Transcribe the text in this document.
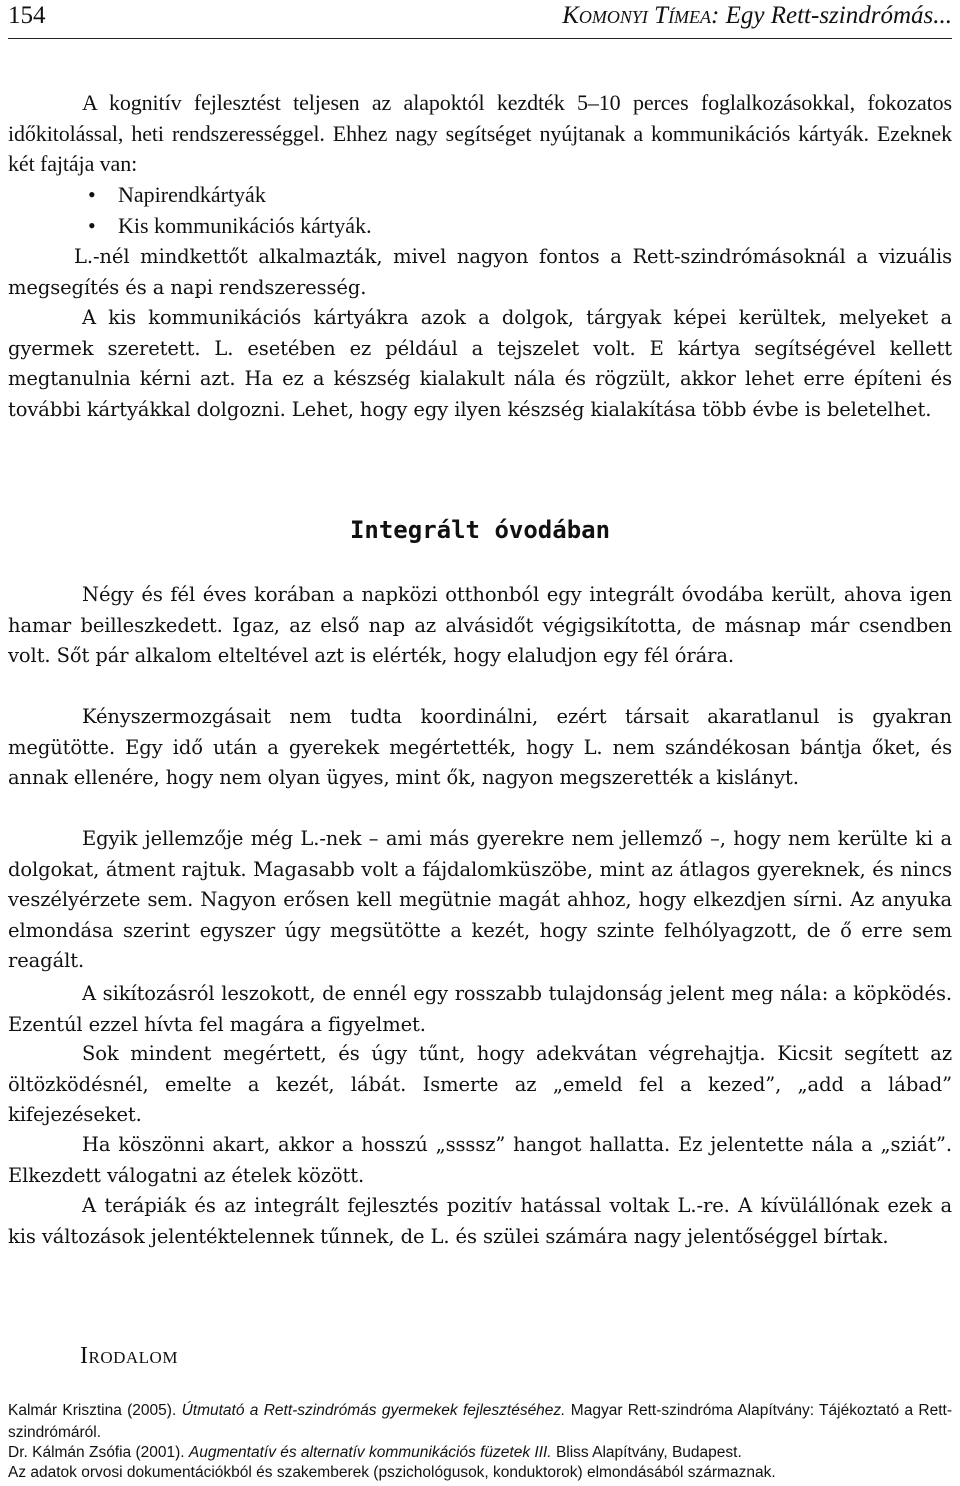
154	Komonyi Tímea: Egy Rett-szindrómás...

A kognitív fejlesztést teljesen az alapoktól kezdték 5–10 perces foglalkozásokkal, fokozatos időkitolással, heti rendszerességgel. Ehhez nagy segítséget nyújtanak a kommunikációs kártyák. Ezeknek két fajtája van:

• Napirendkártyák
• Kis kommunikációs kártyák.

L.-nél mindkettőt alkalmazták, mivel nagyon fontos a Rett-szindrómásoknál a vizuális megsegítés és a napi rendszeresség.

A kis kommunikációs kártyákra azok a dolgok, tárgyak képei kerültek, melyeket a gyermek szeretett. L. esetében ez például a tejszelet volt. E kártya segítségével kellett megtanulnia kérni azt. Ha ez a készség kialakult nála és rögzült, akkor lehet erre építeni és további kártyákkal dolgozni. Lehet, hogy egy ilyen készség kialakítása több évbe is beletelhet.

Integrált óvodában

Négy és fél éves korában a napközi otthonból egy integrált óvodába került, ahova igen hamar beilleszkedett. Igaz, az első nap az alvásidőt végigsikította, de másnap már csendben volt. Sőt pár alkalom elteltével azt is elérték, hogy elaludjon egy fél órára.

Kényszermozgásait nem tudta koordinálni, ezért társait akaratlanul is gyakran megütötte. Egy idő után a gyerekek megértették, hogy L. nem szándékosan bántja őket, és annak ellenére, hogy nem olyan ügyes, mint ők, nagyon megszerették a kislányt.

Egyik jellemzője még L.-nek – ami más gyerekre nem jellemző –, hogy nem kerülte ki a dolgokat, átment rajtuk. Magasabb volt a fájdalomküszöbe, mint az átlagos gyereknek, és nincs veszélyérzete sem. Nagyon erősen kell megütnie magát ahhoz, hogy elkezdjen sírni. Az anyuka elmondása szerint egyszer úgy megsütötte a kezét, hogy szinte felhólyagzott, de ő erre sem reagált.

A sikítozásról leszokott, de ennél egy rosszabb tulajdonság jelent meg nála: a köpködés. Ezentúl ezzel hívta fel magára a figyelmet.

Sok mindent megértett, és úgy tűnt, hogy adekvátan végrehajtja. Kicsit segített az öltözködésnél, emelte a kezét, lábát. Ismerte az „emeld fel a kezed”, „add a lábad” kifejezéseket.

Ha köszönni akart, akkor a hosszú „ssssz” hangot hallatta. Ez jelentette nála a „sziát”. Elkezdett válogatni az ételek között.

A terápiák és az integrált fejlesztés pozitív hatással voltak L.-re. A kívülállónak ezek a kis változások jelentéktelennek tűnnek, de L. és szülei számára nagy jelentőséggel bírtak.

Irodalom

Kalmár Krisztina (2005). Útmutató a Rett-szindrómás gyermekek fejlesztéséhez. Magyar Rett-szindróma Alapítvány: Tájékoztató a Rett-szindrómáról.

Dr. Kálmán Zsófia (2001). Augmentatív és alternatív kommunikációs füzetek III. Bliss Alapítvány, Budapest.

Az adatok orvosi dokumentációkból és szakemberek (pszichológusok, konduktorok) elmondásából származnak.
